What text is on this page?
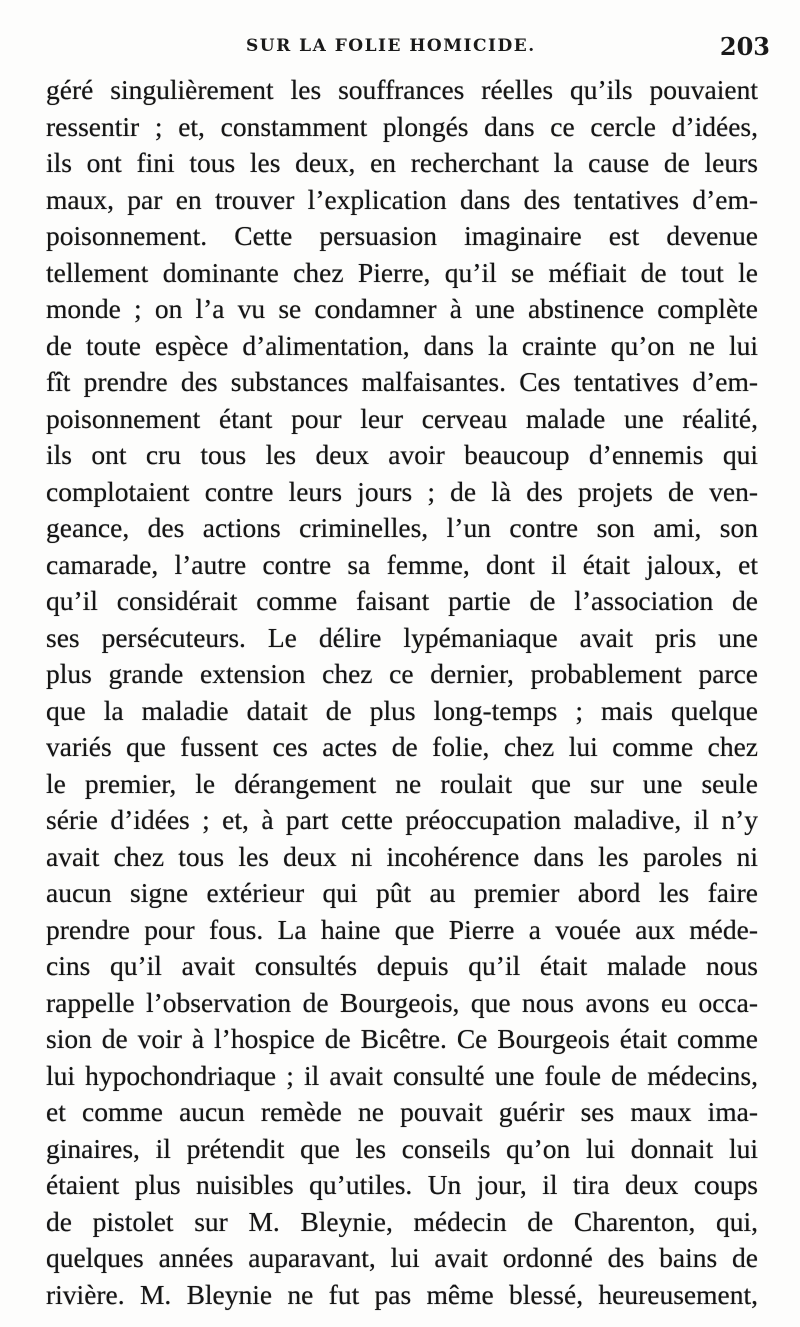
SUR LA FOLIE HOMICIDE.	203
géré singulièrement les souffrances réelles qu’ils pouvaient
ressentir ; et, constamment plongés dans ce cercle d’idées,
ils ont fini tous les deux, en recherchant la cause de leurs
maux, par en trouver l’explication dans des tentatives d’em-
poisonnement. Cette persuasion imaginaire est devenue
tellement dominante chez Pierre, qu’il se méfiait de tout le
monde ; on l’a vu se condamner à une abstinence complète
de toute espèce d’alimentation, dans la crainte qu’on ne lui
fît prendre des substances malfaisantes. Ces tentatives d’em-
poisonnement étant pour leur cerveau malade une réalité,
ils ont cru tous les deux avoir beaucoup d’ennemis qui
complotaient contre leurs jours ; de là des projets de ven-
geance, des actions criminelles, l’un contre son ami, son
camarade, l’autre contre sa femme, dont il était jaloux, et
qu’il considérait comme faisant partie de l’association de
ses persécuteurs. Le délire lypémaniaque avait pris une
plus grande extension chez ce dernier, probablement parce
que la maladie datait de plus long-temps ; mais quelque
variés que fussent ces actes de folie, chez lui comme chez
le premier, le dérangement ne roulait que sur une seule
série d’idées ; et, à part cette préoccupation maladive, il n’y
avait chez tous les deux ni incohérence dans les paroles ni
aucun signe extérieur qui pût au premier abord les faire
prendre pour fous. La haine que Pierre a vouée aux méde-
cins qu’il avait consultés depuis qu’il était malade nous
rappelle l’observation de Bourgeois, que nous avons eu occa-
sion de voir à l’hospice de Bicêtre. Ce Bourgeois était comme
lui hypochondriaque ; il avait consulté une foule de médecins,
et comme aucun remède ne pouvait guérir ses maux ima-
ginaires, il prétendit que les conseils qu’on lui donnait lui
étaient plus nuisibles qu’utiles. Un jour, il tira deux coups
de pistolet sur M. Bleynie, médecin de Charenton, qui,
quelques années auparavant, lui avait ordonné des bains de
rivière. M. Bleynie ne fut pas même blessé, heureusement,
